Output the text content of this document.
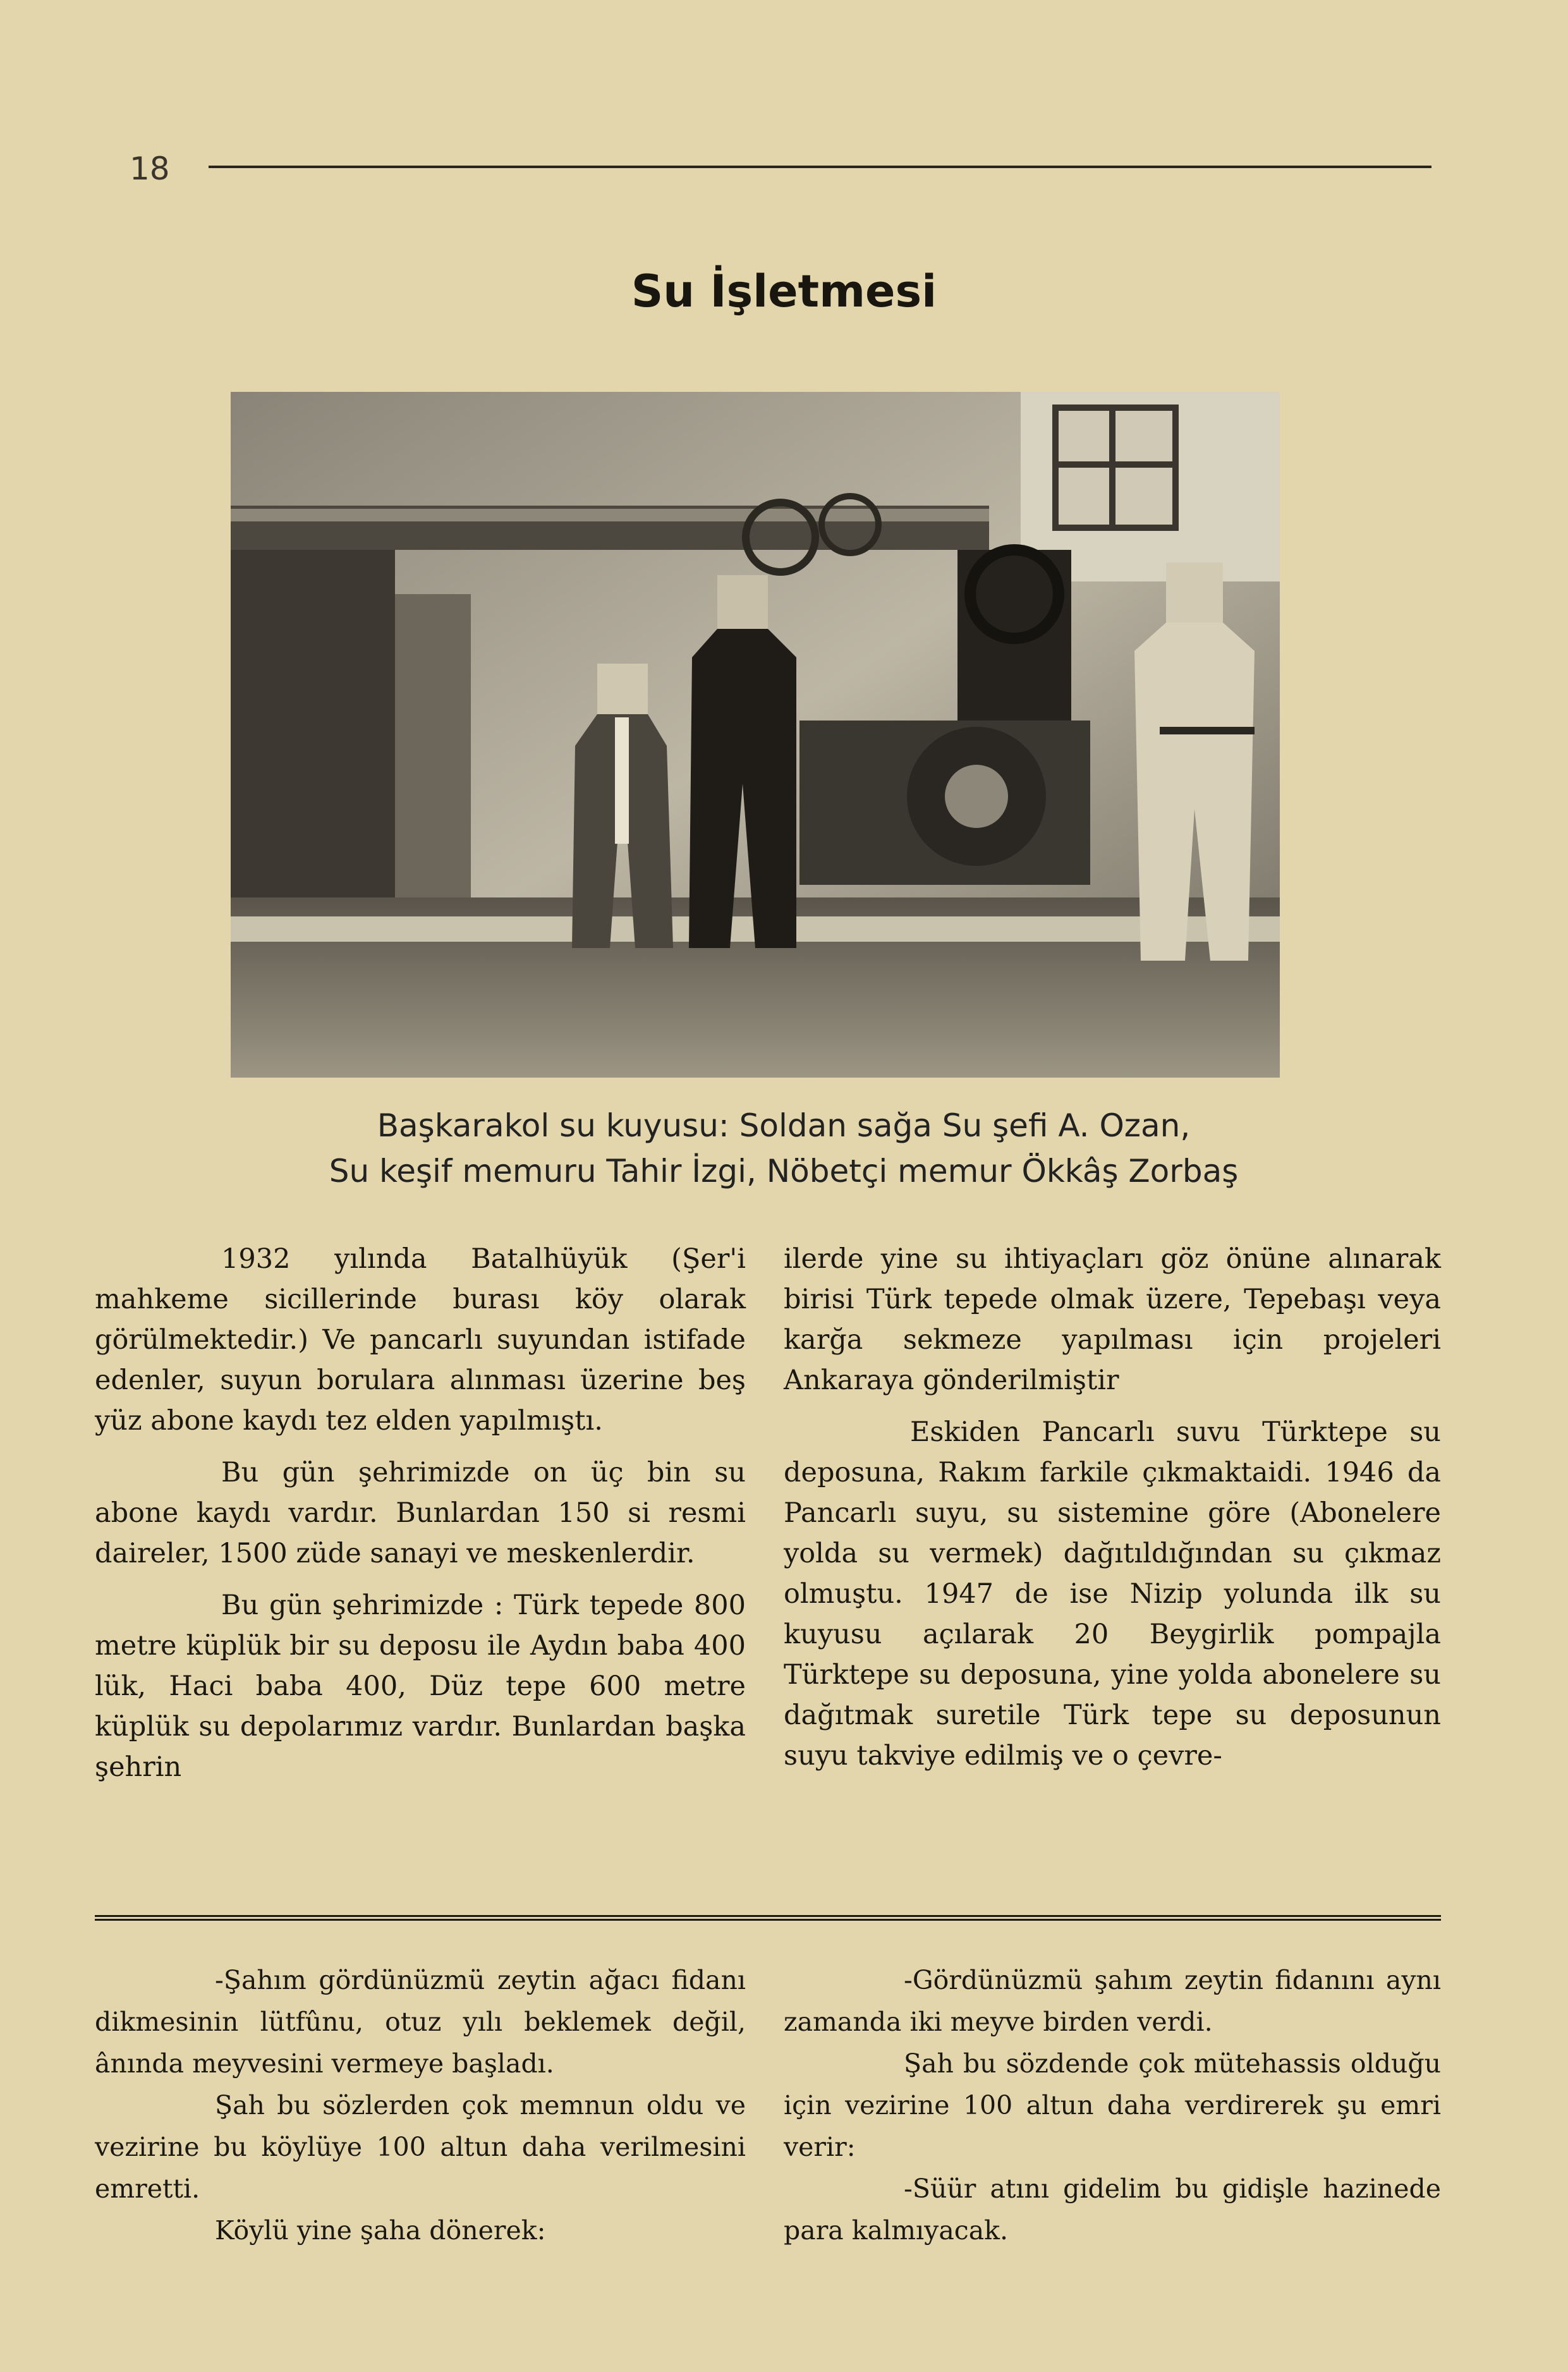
18
Su İşletmesi
Başkarakol su kuyusu: Soldan sağa Su şefi A. Ozan,
Su keşif memuru Tahir İzgi, Nöbetçi memur Ökkâş Zorbaş

1932 yılında Batalhüyük (Şer'i mahkeme sicillerinde burası köy olarak görülmektedir.) Ve pancarlı suyundan istifade edenler, suyun borulara alınması üzerine beş yüz abone kaydı tez elden yapılmıştı.

Bu gün şehrimizde on üç bin su abone kaydı vardır. Bunlardan 150 si resmi daireler, 1500 züde sanayi ve meskenlerdir.

Bu gün şehrimizde : Türk tepede 800 metre küplük bir su deposu ile Aydın baba 400 lük, Haci baba 400, Düz tepe 600 metre küplük su depolarımız vardır. Bunlardan başka şehrin

ilerde yine su ihtiyaçları göz önüne alınarak birisi Türk tepede olmak üzere, Tepebaşı veya karğa sekmeze yapılması için projeleri Ankaraya gönderilmiştir

Eskiden Pancarlı suvu Türktepe su deposuna, Rakım farkile çıkmaktaidi. 1946 da Pancarlı suyu, su sistemine göre (Abonelere yolda su vermek) dağıtıldığından su çıkmaz olmuştu. 1947 de ise Nizip yolunda ilk su kuyusu açılarak 20 Beygirlik pompajla Türktepe su deposuna, yine yolda abonelere su dağıtmak suretile Türk tepe su deposunun suyu takviye edilmiş ve o çevre-

-Şahım gördünüzmü zeytin ağacı fidanı dikmesinin lütfûnu, otuz yılı beklemek değil, ânında meyvesini vermeye başladı.

Şah bu sözlerden çok memnun oldu ve vezirine bu köylüye 100 altun daha verilmesini emretti.

Köylü yine şaha dönerek:

-Gördünüzmü şahım zeytin fidanını aynı zamanda iki meyve birden verdi.

Şah bu sözdende çok mütehassis olduğu için vezirine 100 altun daha verdirerek şu emri verir:

-Süür atını gidelim bu gidişle hazinede para kalmıyacak.
